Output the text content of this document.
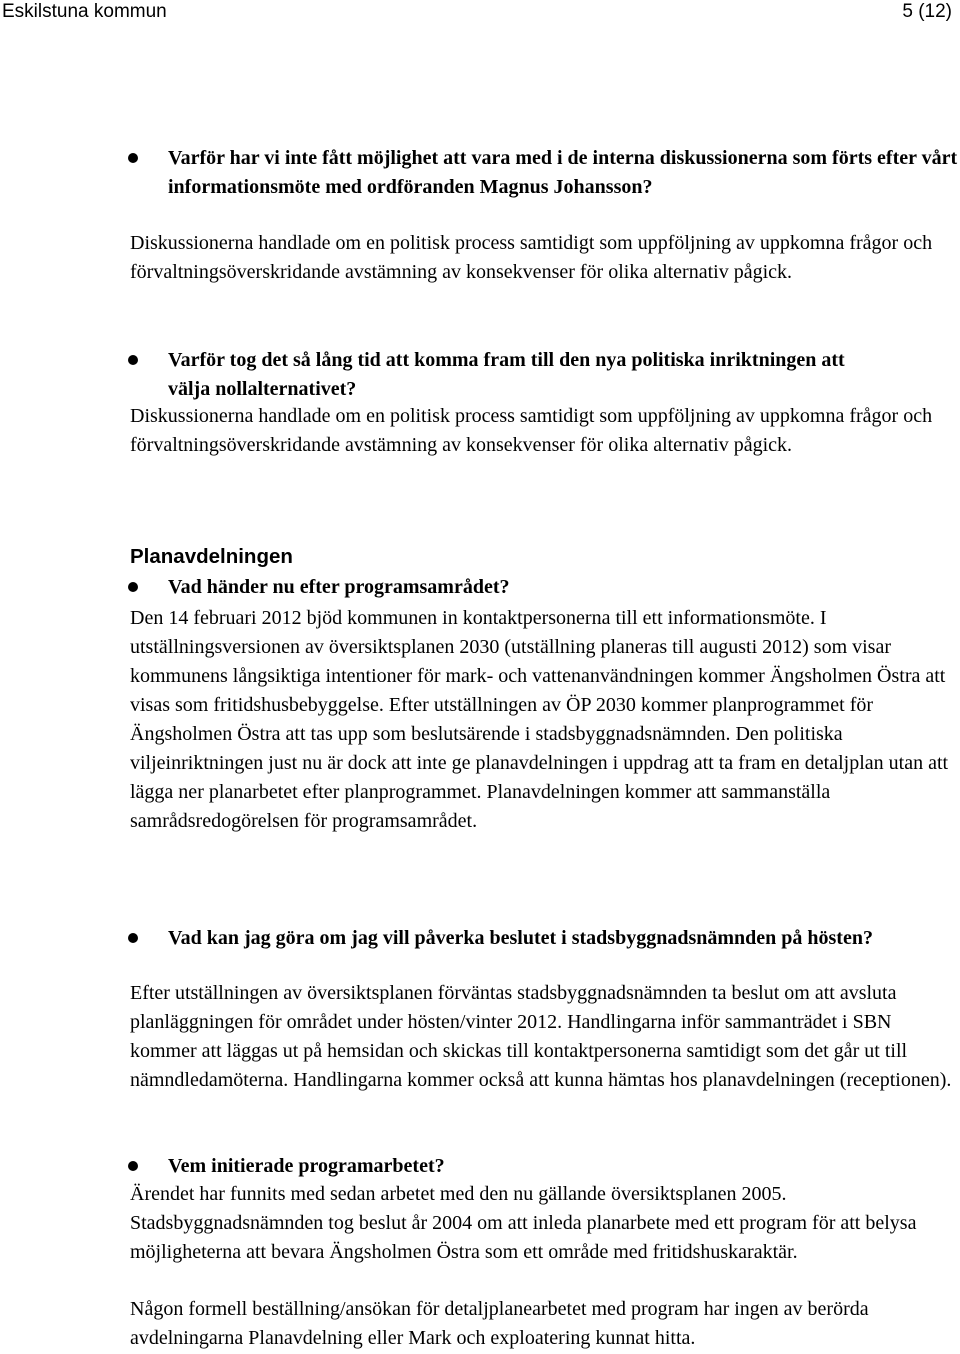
Eskilstuna kommun	5 (12)
Varför har vi inte fått möjlighet att vara med i de interna diskussionerna som förts efter vårt informationsmöte med ordföranden Magnus Johansson?
Diskussionerna handlade om en politisk process samtidigt som uppföljning av uppkomna frågor och förvaltningsöverskridande avstämning av konsekvenser för olika alternativ pågick.
Varför tog det så lång tid att komma fram till den nya politiska inriktningen att välja nollalternativet?
Diskussionerna handlade om en politisk process samtidigt som uppföljning av uppkomna frågor och förvaltningsöverskridande avstämning av konsekvenser för olika alternativ pågick.
Planavdelningen
Vad händer nu efter programsamrådet?
Den 14 februari 2012 bjöd kommunen in kontaktpersonerna till ett informationsmöte. I utställningsversionen av översiktsplanen 2030 (utställning planeras till augusti 2012) som visar kommunens långsiktiga intentioner för mark- och vattenanvändningen kommer Ängsholmen Östra att visas som fritidshusbebyggelse. Efter utställningen av ÖP 2030 kommer planprogrammet för Ängsholmen Östra att tas upp som beslutsärende i stadsbyggnadsnämnden. Den politiska viljeinriktningen just nu är dock att inte ge planavdelningen i uppdrag att ta fram en detaljplan utan att lägga ner planarbetet efter planprogrammet. Planavdelningen kommer att sammanställa samrådsredogörelsen för programsamrådet.
Vad kan jag göra om jag vill påverka beslutet i stadsbyggnadsnämnden på hösten?
Efter utställningen av översiktsplanen förväntas stadsbyggnadsnämnden ta beslut om att avsluta planläggningen för området under hösten/vinter 2012. Handlingarna inför sammanträdet i SBN kommer att läggas ut på hemsidan och skickas till kontaktpersonerna samtidigt som det går ut till nämndledamöterna. Handlingarna kommer också att kunna hämtas hos planavdelningen (receptionen).
Vem initierade programarbetet?
Ärendet har funnits med sedan arbetet med den nu gällande översiktsplanen 2005. Stadsbyggnadsnämnden tog beslut år 2004 om att inleda planarbete med ett program för att belysa möjligheterna att bevara Ängsholmen Östra som ett område med fritidshuskaraktär.
Någon formell beställning/ansökan för detaljplanearbetet med program har ingen av berörda avdelningarna Planavdelning eller Mark och exploatering kunnat hitta.
